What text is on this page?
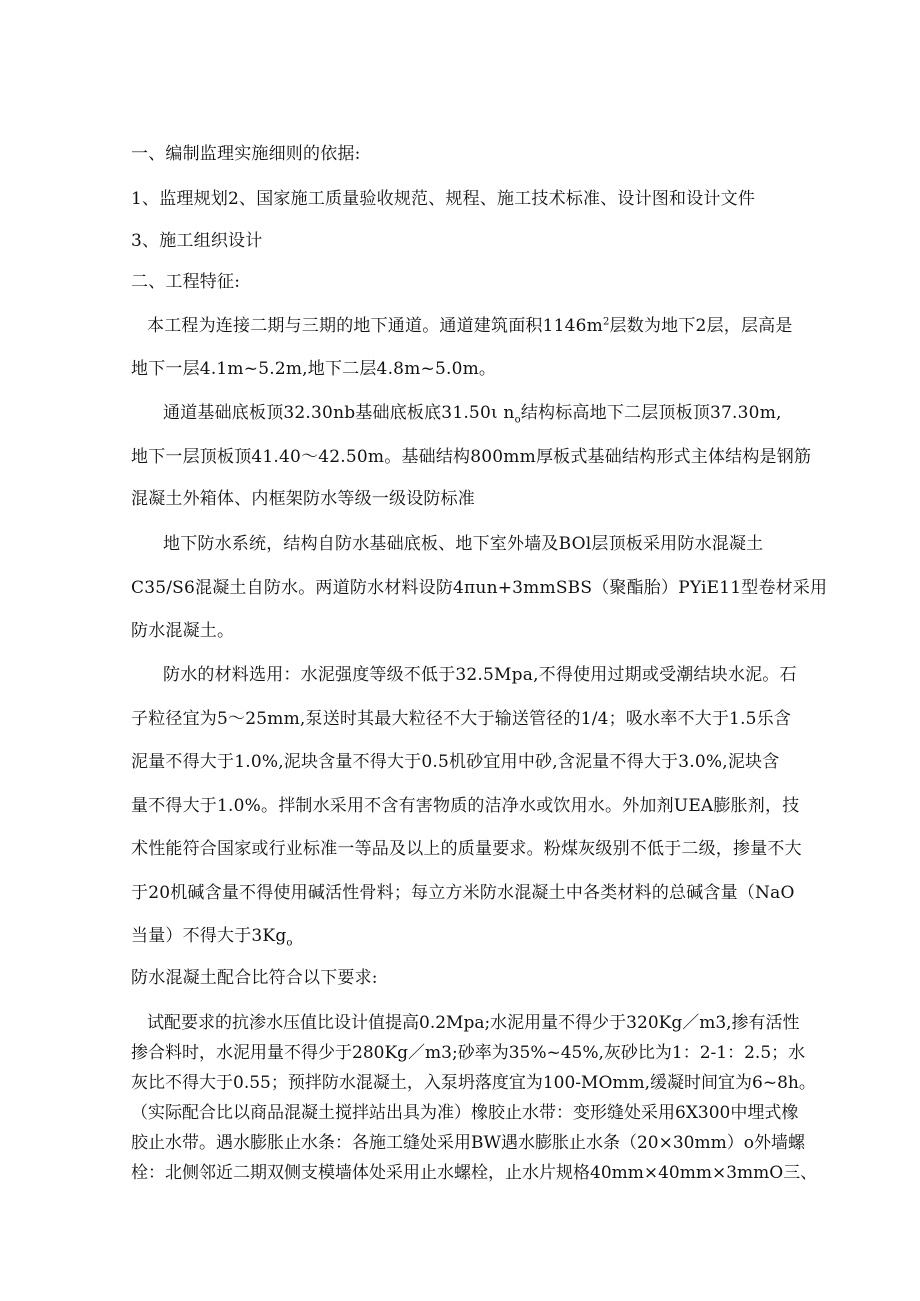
一、编制监理实施细则的依据:
1、监理规划2、国家施工质量验收规范、规程、施工技术标准、设计图和设计文件
3、施工组织设计
二、工程特征:
本工程为连接二期与三期的地下通道。通道建筑面积$1146m^2$层数为地下2层，层高是
地下一层4.1m~5.2m,地下二层4.8m~5.0m。
通道基础底板顶32.30nb基础底板底31.50ι $n_o$结构标高地下二层顶板顶37.30m,
地下一层顶板顶41.40～42.50m。基础结构800mm厚板式基础结构形式主体结构是钢筋
混凝土外箱体、内框架防水等级一级设防标准
地下防水系统，结构自防水基础底板、地下室外墙及BOl层顶板采用防水混凝土
C35/S6混凝土自防水。两道防水材料设防4πun+3mmSBS（聚酯胎）PYiE11型卷材采用
防水混凝土。
防水的材料选用：水泥强度等级不低于32.5Mpa,不得使用过期或受潮结块水泥。石
子粒径宜为5～25mm,泵送时其最大粒径不大于输送管径的1/4；吸水率不大于1.5乐含
泥量不得大于1.0%,泥块含量不得大于0.5机砂宜用中砂,含泥量不得大于3.0%,泥块含
量不得大于1.0%。拌制水采用不含有害物质的洁净水或饮用水。外加剂UEA膨胀剂，技
术性能符合国家或行业标准一等品及以上的质量要求。粉煤灰级别不低于二级，掺量不大
于20机碱含量不得使用碱活性骨料；每立方米防水混凝土中各类材料的总碱含量（NaO
当量）不得大于$3Kg_o$
防水混凝土配合比符合以下要求:
试配要求的抗渗水压值比设计值提高0.2Mpa;水泥用量不得少于320Kg／m3,掺有活性
掺合料时，水泥用量不得少于280Kg／m3;砂率为35%~45%,灰砂比为1：2-1：2.5；水
灰比不得大于0.55；预拌防水混凝土，入泵坍落度宜为100-MOmm,缓凝时间宜为6~8h。
（实际配合比以商品混凝土搅拌站出具为准）橡胶止水带：变形缝处采用6X300中埋式橡
胶止水带。遇水膨胀止水条：各施工缝处采用BW遇水膨胀止水条（20×30mm）o外墙螺
栓：北侧邻近二期双侧支模墙体处采用止水螺栓，止水片规格40mm×40mm×3mmO三、
